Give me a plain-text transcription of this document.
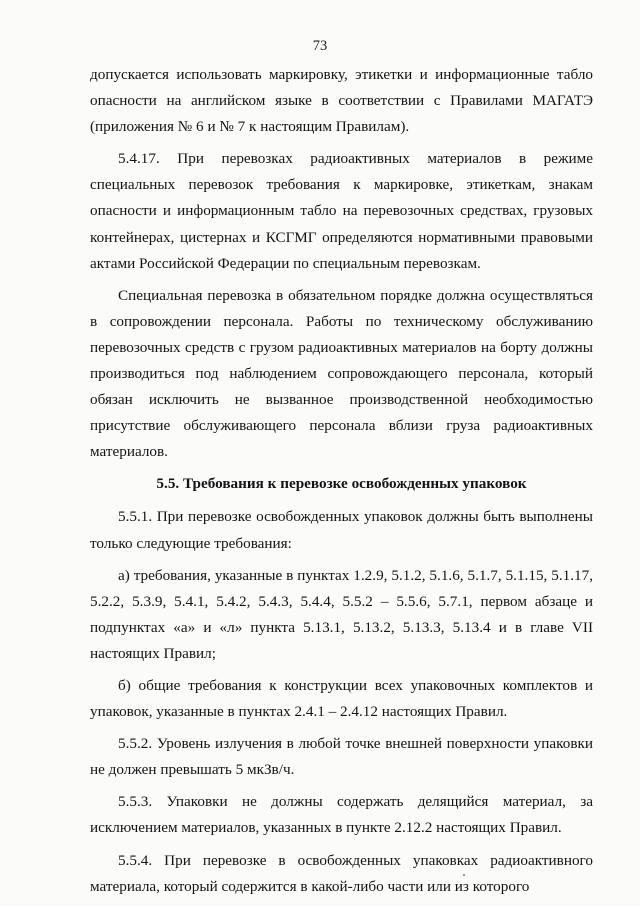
73

допускается использовать маркировку, этикетки и информационные табло опасности на английском языке в соответствии с Правилами МАГАТЭ (приложения № 6 и № 7 к настоящим Правилам).

5.4.17. При перевозках радиоактивных материалов в режиме специальных перевозок требования к маркировке, этикеткам, знакам опасности и информационным табло на перевозочных средствах, грузовых контейнерах, цистернах и КСГМГ определяются нормативными правовыми актами Российской Федерации по специальным перевозкам.

Специальная перевозка в обязательном порядке должна осуществляться в сопровождении персонала. Работы по техническому обслуживанию перевозочных средств с грузом радиоактивных материалов на борту должны производиться под наблюдением сопровождающего персонала, который обязан исключить не вызванное производственной необходимостью присутствие обслуживающего персонала вблизи груза радиоактивных материалов.

5.5. Требования к перевозке освобожденных упаковок

5.5.1. При перевозке освобожденных упаковок должны быть выполнены только следующие требования:

а) требования, указанные в пунктах 1.2.9, 5.1.2, 5.1.6, 5.1.7, 5.1.15, 5.1.17, 5.2.2, 5.3.9, 5.4.1, 5.4.2, 5.4.3, 5.4.4, 5.5.2 – 5.5.6, 5.7.1, первом абзаце и подпунктах «а» и «л» пункта 5.13.1, 5.13.2, 5.13.3, 5.13.4 и в главе VII настоящих Правил;

б) общие требования к конструкции всех упаковочных комплектов и упаковок, указанные в пунктах 2.4.1 – 2.4.12 настоящих Правил.

5.5.2. Уровень излучения в любой точке внешней поверхности упаковки не должен превышать 5 мкЗв/ч.

5.5.3. Упаковки не должны содержать делящийся материал, за исключением материалов, указанных в пункте 2.12.2 настоящих Правил.

5.5.4. При перевозке в освобожденных упаковках радиоактивного материала, который содержится в какой-либо части или из которого
